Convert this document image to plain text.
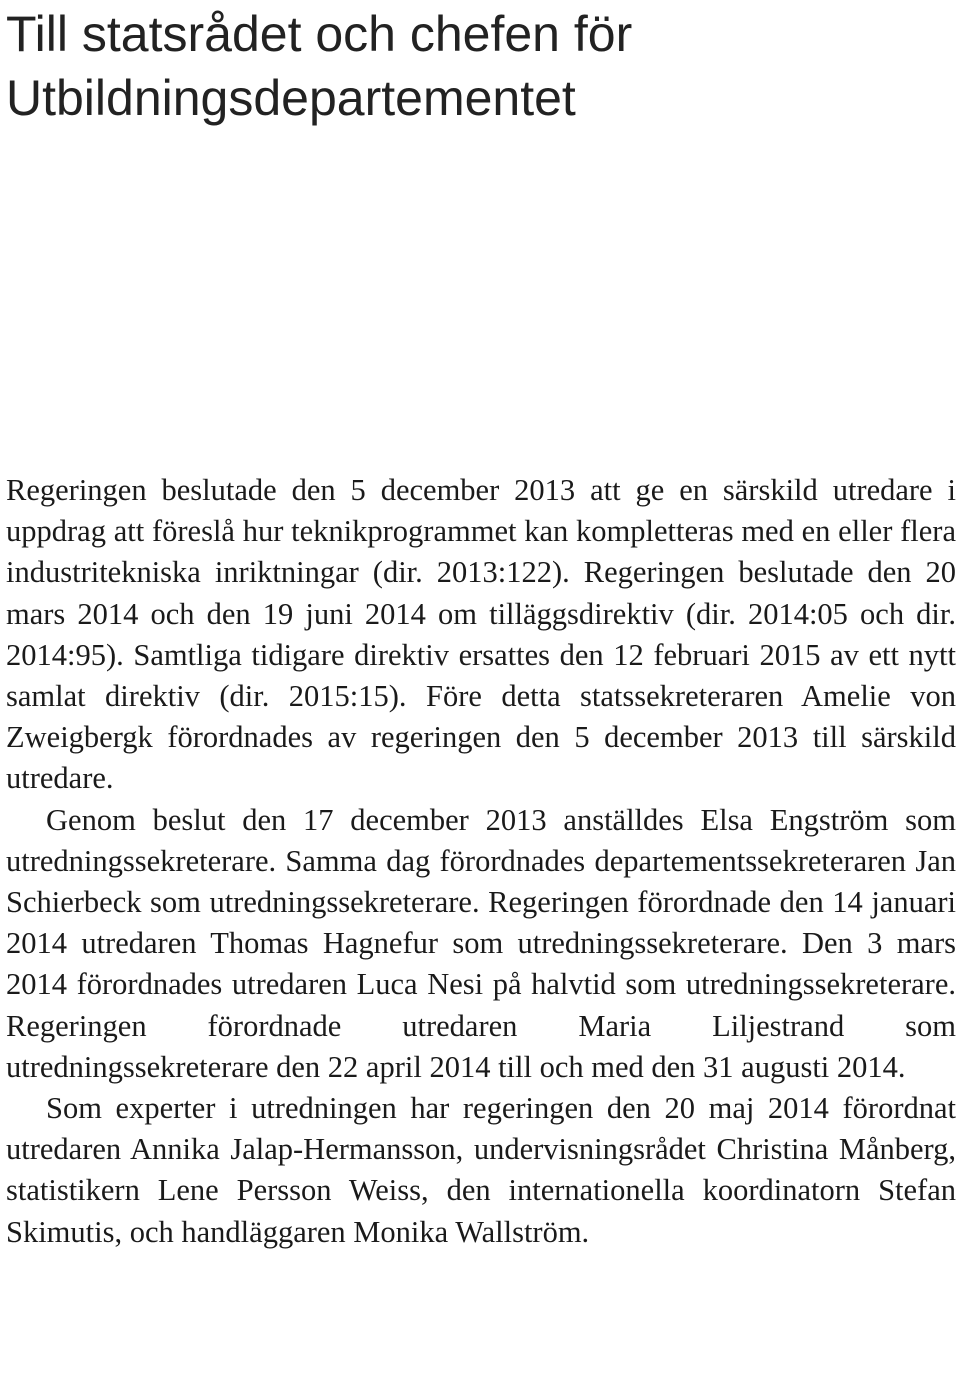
Till statsrådet och chefen för Utbildningsdepartementet

Regeringen beslutade den 5 december 2013 att ge en särskild utredare i uppdrag att föreslå hur teknikprogrammet kan kompletteras med en eller flera industritekniska inriktningar (dir. 2013:122). Regeringen beslutade den 20 mars 2014 och den 19 juni 2014 om tilläggsdirektiv (dir. 2014:05 och dir. 2014:95). Samtliga tidigare direktiv ersattes den 12 februari 2015 av ett nytt samlat direktiv (dir. 2015:15). Före detta statssekreteraren Amelie von Zweigbergk förordnades av regeringen den 5 december 2013 till särskild utredare.

Genom beslut den 17 december 2013 anställdes Elsa Engström som utredningssekreterare. Samma dag förordnades departementssekreteraren Jan Schierbeck som utredningssekreterare. Regeringen förordnade den 14 januari 2014 utredaren Thomas Hagnefur som utredningssekreterare. Den 3 mars 2014 förordnades utredaren Luca Nesi på halvtid som utredningssekreterare. Regeringen förordnade utredaren Maria Liljestrand som utredningssekreterare den 22 april 2014 till och med den 31 augusti 2014.

Som experter i utredningen har regeringen den 20 maj 2014 förordnat utredaren Annika Jalap-Hermansson, undervisningsrådet Christina Månberg, statistikern Lene Persson Weiss, den internationella koordinatorn Stefan Skimutis, och handläggaren Monika Wallström.
